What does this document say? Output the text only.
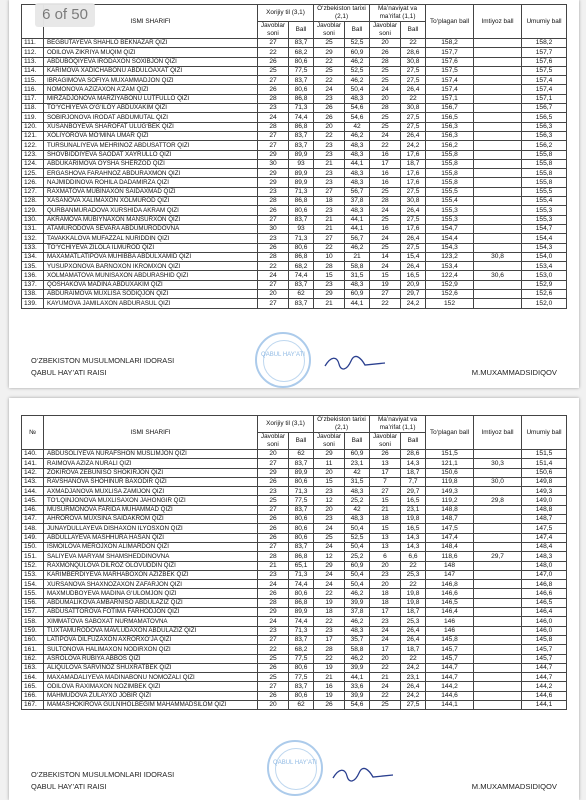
	ISMI SHARIFI	Xorijiy til (3,1)		O‘zbekiston tarixi (2,1)		Ma’naviyat va ma’rifat (1,1)		To‘plagan ball	Imtiyoz ball	Umumiy ball
		Javoblar soni	Ball	Javoblar soni	Ball	Javoblar soni	Ball			
111.	BEGBUTAYEVA SHAHLO BEKNAZAR QIZI	27	83,7	25	52,5	20	22	158,2		158,2
112.	ODILOVA ZIKRIYA MUQIM QIZI	22	68,2	29	60,9	26	28,6	157,7		157,7
113.	ABDUBOQIYEVA IRODAXON SOXIBJON QIZI	26	80,6	22	46,2	28	30,8	157,6		157,6
114.	KARIMOVA XADICHABONU ABDULOAXAT QIZI	25	77,5	25	52,5	25	27,5	157,5		157,5
115.	IBRAGIMOVA SOFIYA MUXAMMADJON QIZI	27	83,7	22	46,2	25	27,5	157,4		157,4
116.	NOMONOVA AZIZAXON A’ZAM QIZI	26	80,6	24	50,4	24	26,4	157,4		157,4
117.	MIRZADJONOVA MARZIYABONU LUTFULLO QIZI	28	86,8	23	48,3	20	22	157,1		157,1
118.	TO‘YCHIYEVA O‘G‘ILOY ABDUXAKIM QIZI	23	71,3	26	54,6	28	30,8	156,7		156,7
119.	SOBIRJONOVA IRODAT ABDUMUTAL QIZI	24	74,4	26	54,6	25	27,5	156,5		156,5
120.	XUSANBOYEVA SHAROFAT ULUG‘BEK QIZI	28	86,8	20	42	25	27,5	156,3		156,3
121.	XOLIYOROVA MO‘MINA UMAR QIZI	27	83,7	22	46,2	24	26,4	156,3		156,3
122.	TURSUNALIYEVA MEHRINOZ ABDUSATTOR QIZI	27	83,7	23	48,3	22	24,2	156,2		156,2
123.	SHOVBIDDIYEVA SAODAT XAYRULLO QIZI	29	89,9	23	48,3	16	17,6	155,8		155,8
124.	ABDUKARIMOVA OYSHA SHERZOD QIZI	30	93	21	44,1	17	18,7	155,8		155,8
125.	ERGASHOVA FARAHNOZ ABDURAXMON QIZI	29	89,9	23	48,3	16	17,6	155,8		155,8
126.	NAJMIDDINOVA ROHILA DADAMIRZA QIZI	29	89,9	23	48,3	16	17,6	155,8		155,8
127.	RAXMATOVA MUBINAXON SAIDAXMAD QIZI	23	71,3	27	56,7	25	27,5	155,5		155,5
128.	XASANOVA XALIMAXON XOLMUROD QIZI	28	86,8	18	37,8	28	30,8	155,4		155,4
129.	QURBANMURADOVA XURSHIDA AKRAM QIZI	26	80,6	23	48,3	24	26,4	155,3		155,3
130.	AKRAMOVA MUBIYNAXON MANSURXON QIZI	27	83,7	21	44,1	25	27,5	155,3		155,3
131.	ATAMURODOVA SEVARA ABDUMURODOVNA	30	93	21	44,1	16	17,6	154,7		154,7
132.	TAVAKKALOVA MUFAZZAL NURIDDIN QIZI	23	71,3	27	56,7	24	26,4	154,4		154,4
133.	TO‘YCHIYEVA ZILOLA ILMUROD QIZI	26	80,6	22	46,2	25	27,5	154,3		154,3
134.	MAXAMATLATIPOVA MUHIBBA ABDULXAMID QIZI	28	86,8	10	21	14	15,4	123,2	30,8	154,0
135.	YUSUPXONOVA BARNOXON IKROMXON QIZI	22	68,2	28	58,8	24	26,4	153,4		153,4
136.	XOLMAMATOVA MUNISAXON ABDURASHID QIZI	24	74,4	15	31,5	15	16,5	122,4	30,6	153,0
137.	QOSHAKOVA MADINA ABDUXAKIM QIZI	27	83,7	23	48,3	19	20,9	152,9		152,9
138.	ABDURAIMOVA MUXLISA SODIQJON QIZI	20	62	29	60,9	27	29,7	152,6		152,6
139.	KAYUMOVA JAMILAXON ABDURASUL QIZI	27	83,7	21	44,1	22	24,2	152		152,0
6 of 50
O‘ZBEKISTON MUSULMONLARI IDORASI
QABUL HAY’ATI RAISI	M.MUXAMMADSIDIQOV
QABUL HAY’ATI
№	ISMI SHARIFI	Xorijiy til (3,1)		O‘zbekiston tarixi (2,1)		Ma’naviyat va ma’rifat (1,1)		To‘plagan ball	Imtiyoz ball	Umumiy ball
		Javoblar soni	Ball	Javoblar soni	Ball	Javoblar soni	Ball			
140.	ABDUSOLIYEVA NURAFSHON MUSLIMJON QIZI	20	62	29	60,9	26	28,6	151,5		151,5
141.	RAIMOVA AZIZA NURALI QIZI	27	83,7	11	23,1	13	14,3	121,1	30,3	151,4
142.	ZOKIROVA ZEBUNISO SHOKIRJON QIZI	29	89,9	20	42	17	18,7	150,6		150,6
143.	RAVSHANOVA SHOHINUR BAXODIR QIZI	26	80,6	15	31,5	7	7,7	119,8	30,0	149,8
144.	AXMADJANOVA MUXLISA ZAMIJON QIZI	23	71,3	23	48,3	27	29,7	149,3		149,3
145.	TO‘LQINJONOVA MUXLISAXON JAHONGIR QIZI	25	77,5	12	25,2	15	16,5	119,2	29,8	149,0
146.	MUSURMONOVA FARIDA MUHAMMAD QIZI	27	83,7	20	42	21	23,1	148,8		148,8
147.	AHROROVA MUXSINA SAIDAKROM QIZI	26	80,6	23	48,3	18	19,8	148,7		148,7
148.	JUNAYDULLAYEVA DISHAXON ILYOSXON QIZI	26	80,6	24	50,4	15	16,5	147,5		147,5
149.	ABDULLAYEVA MASHHURA HASAN QIZI	26	80,6	25	52,5	13	14,3	147,4		147,4
150.	ISMOILOVA MEROJXON ALIMARDON QIZI	27	83,7	24	50,4	13	14,3	148,4		148,4
151.	SALIYEVA MARYAM SHAMSHEDDINOVNA	28	86,8	12	25,2	6	6,6	118,6	29,7	148,3
152.	RAXMONQULOVA DILROZ OLOVUDDIN QIZI	21	65,1	29	60,9	20	22	148		148,0
153.	KARIMBERDIYEVA MARHABOXON AZIZBEK QIZI	23	71,3	24	50,4	23	25,3	147		147,0
154.	XURSANOVA SHAXNOZAXON ZAFARJON QIZI	24	74,4	24	50,4	20	22	146,8		146,8
155.	MAXMUDBOYEVA MADINA G‘ULOMJON QIZI	26	80,6	22	46,2	18	19,8	146,6		146,6
156.	ABDUMALIKOVA AMBARNISO ABDULAZIZ QIZI	28	86,8	19	39,9	18	19,8	146,5		146,5
157.	ABDUSATTOROVA FOTIMA FARHODJON QIZI	29	89,9	18	37,8	17	18,7	146,4		146,4
158.	XIMMATOVA SABOXAT NURMAMATOVNA	24	74,4	22	46,2	23	25,3	146		146,0
159.	TUXTAMURODOVA MAVLUDAXON ABDULAZIZ QIZI	23	71,3	23	48,3	24	26,4	146		146,0
160.	LATIPOVA DILFUZAXON AXRORXO‘JA QIZI	27	83,7	17	35,7	24	26,4	145,8		145,8
161.	SULTONOVA HALIMAXON NODIRXON QIZI	22	68,2	28	58,8	17	18,7	145,7		145,7
162.	ASROLOVA RUBIYA ABBOS QIZI	25	77,5	22	46,2	20	22	145,7		145,7
163.	ALIQULOVA SARVINOZ SHUXRATBEK QIZI	26	80,6	19	39,9	22	24,2	144,7		144,7
164.	MAXAMADALIYEVA MADINABONU NOMOZALI QIZI	25	77,5	21	44,1	21	23,1	144,7		144,7
165.	ODILOVA RAXIMAXON NOZIMBEK QIZI	27	83,7	16	33,6	24	26,4	144,2		144,2
166.	MAHMUDOVA ZULAYXO JOBIR QIZI	26	80,6	19	39,9	22	24,2	144,6		144,6
167.	MAMASHOKIROVA GULNIHOLBEGIM MAHAMMADSILOM QIZI	20	62	26	54,6	25	27,5	144,1		144,1
O‘ZBEKISTON MUSULMONLARI IDORASI
QABUL HAY’ATI RAISI	M.MUXAMMADSIDIQOV
QABUL HAY’ATI
